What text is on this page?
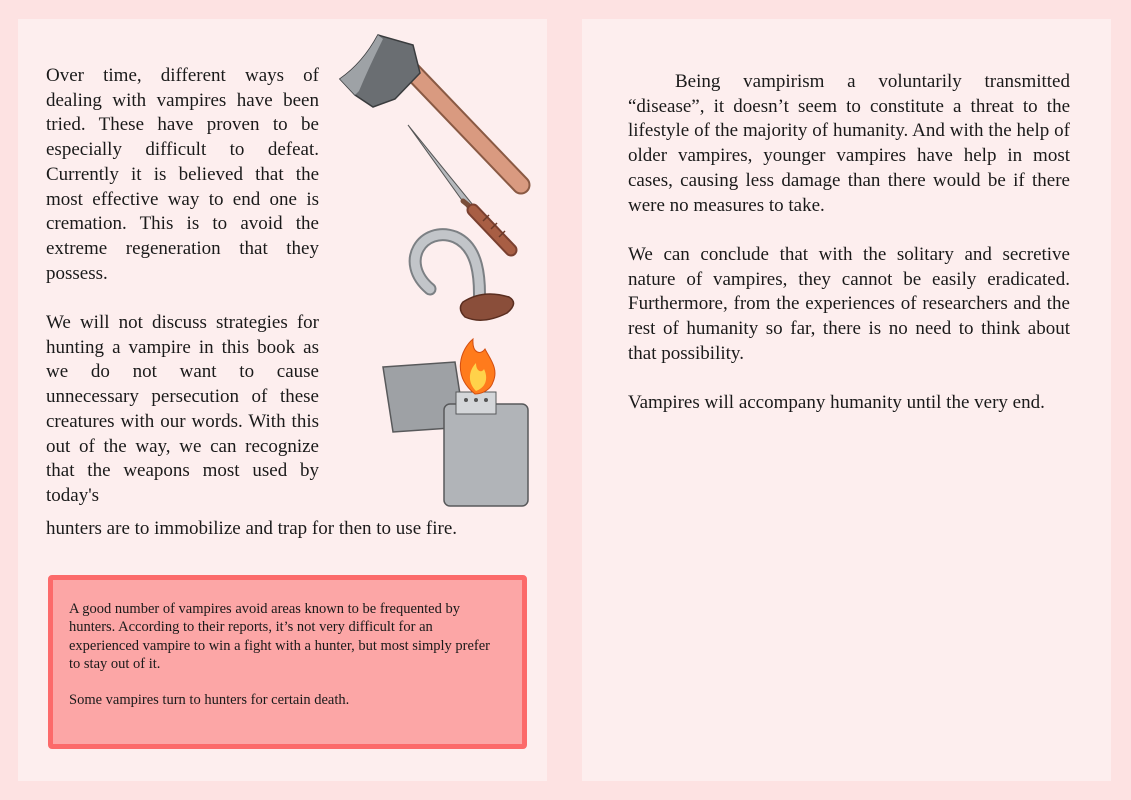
Over time, different ways of dealing with vampires have been tried. These have proven to be especially difficult to defeat. Currently it is believed that the most effective way to end one is cremation. This is to avoid the extreme regeneration that they possess.

We will not discuss strategies for hunting a vampire in this book as we do not want to cause unnecessary persecution of these creatures with our words. With this out of the way, we can recognize that the weapons most used by today's

hunters are to immobilize and trap for then to use fire.

A good number of vampires avoid areas known to be frequented by hunters. According to their reports, it’s not very difficult for an experienced vampire to win a fight with a hunter, but most simply prefer to stay out of it.

Some vampires turn to hunters for certain death.

Being vampirism a voluntarily transmitted “disease”, it doesn’t seem to constitute a threat to the lifestyle of the majority of humanity. And with the help of older vampires, younger vampires have help in most cases, causing less damage than there would be if there were no measures to take.

We can conclude that with the solitary and secretive nature of vampires, they cannot be easily eradicated. Furthermore, from the experiences of researchers and the rest of humanity so far, there is no need to think about that possibility.

Vampires will accompany humanity until the very end.
